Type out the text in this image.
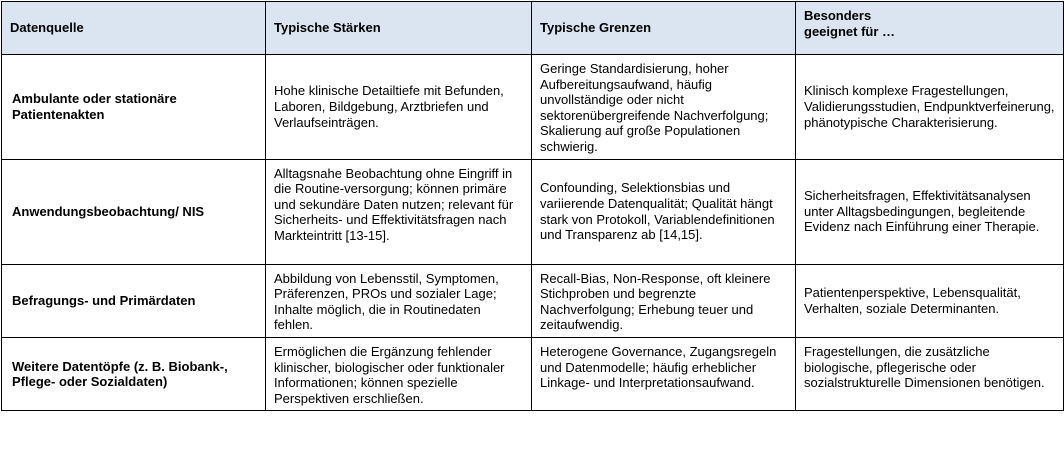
Datenquelle	Typische Stärken	Typische Grenzen	Besonders
geeignet für …

Ambulante oder stationäre Patientenakten	Hohe klinische Detailtiefe mit Befunden, Laboren, Bildgebung, Arztbriefen und Verlaufseinträgen.	Geringe Standardisierung, hoher Aufbereitungsaufwand, häufig unvollständige oder nicht sektorenübergreifende Nachverfolgung; Skalierung auf große Populationen schwierig.	Klinisch komplexe Fragestellungen, Validierungsstudien, Endpunktverfeinerung, phänotypische Charakterisierung.
Anwendungsbeobachtung/ NIS	Alltagsnahe Beobachtung ohne Eingriff in die Routine-versorgung; können primäre und sekundäre Daten nutzen; relevant für Sicherheits- und Effektivitätsfragen nach Markteintritt [13-15].	Confounding, Selektionsbias und variierende Datenqualität; Qualität hängt stark von Protokoll, Variablendefinitionen und Transparenz ab [14,15].	Sicherheitsfragen, Effektivitätsanalysen unter Alltagsbedingungen, begleitende Evidenz nach Einführung einer Therapie.
Befragungs- und Primärdaten	Abbildung von Lebensstil, Symptomen, Präferenzen, PROs und sozialer Lage; Inhalte möglich, die in Routinedaten fehlen.	Recall-Bias, Non-Response, oft kleinere Stichproben und begrenzte Nachverfolgung; Erhebung teuer und zeitaufwendig.	Patientenperspektive, Lebensqualität, Verhalten, soziale Determinanten.
Weitere Datentöpfe (z. B. Biobank-, Pflege- oder Sozialdaten)	Ermöglichen die Ergänzung fehlender klinischer, biologischer oder funktionaler Informationen; können spezielle Perspektiven erschließen.	Heterogene Governance, Zugangsregeln und Datenmodelle; häufig erheblicher Linkage- und Interpretationsaufwand.	Fragestellungen, die zusätzliche biologische, pflegerische oder sozialstrukturelle Dimensionen benötigen.
